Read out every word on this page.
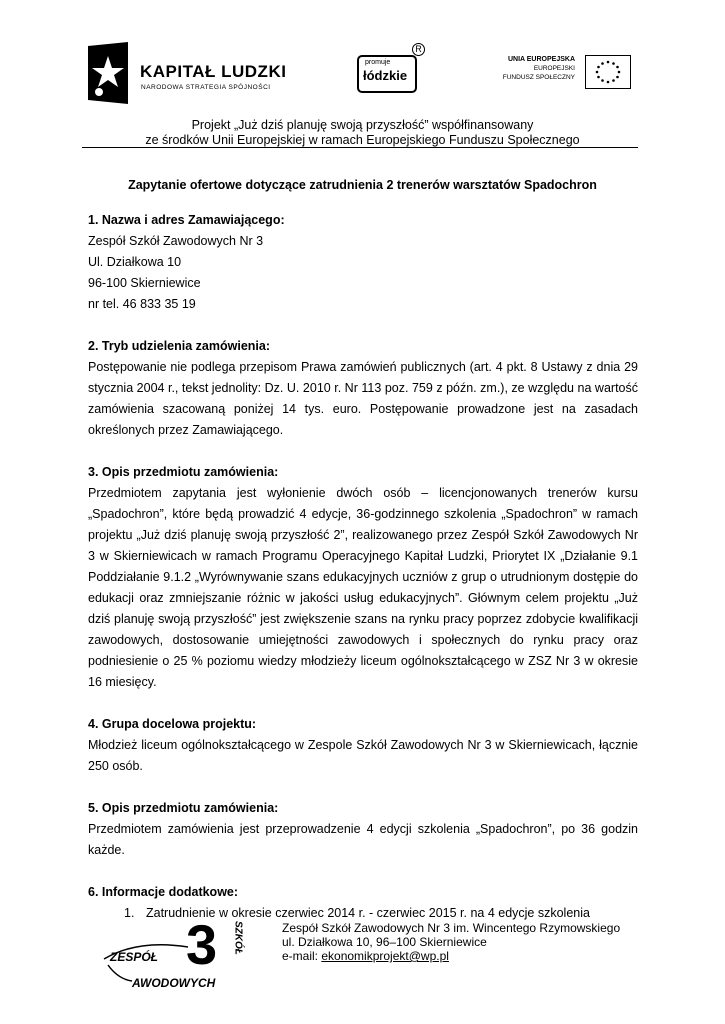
KAPITAŁ LUDZKI
NARODOWA STRATEGIA SPÓJNOŚCI
promuje
łódzkie
R
UNIA EUROPEJSKA
EUROPEJSKI
FUNDUSZ SPOŁECZNY
Projekt „Już dziś planuję swoją przyszłość” współfinansowany
ze środków Unii Europejskiej w ramach Europejskiego Funduszu Społecznego
Zapytanie ofertowe dotyczące zatrudnienia 2 trenerów warsztatów Spadochron
1. Nazwa i adres Zamawiającego:
Zespół Szkół Zawodowych Nr 3
Ul. Działkowa 10
96-100 Skierniewice
nr tel. 46 833 35 19
2. Tryb udzielenia zamówienia:

Postępowanie nie podlega przepisom Prawa zamówień publicznych (art. 4 pkt. 8 Ustawy z dnia 29 stycznia 2004 r., tekst jednolity: Dz. U. 2010 r. Nr 113 poz. 759 z późn. zm.), ze względu na wartość zamówienia szacowaną poniżej 14 tys. euro. Postępowanie prowadzone jest na zasadach określonych przez Zamawiającego.

3. Opis przedmiotu zamówienia:

Przedmiotem zapytania jest wyłonienie dwóch osób – licencjonowanych trenerów kursu „Spadochron”, które będą prowadzić 4 edycje, 36-godzinnego szkolenia „Spadochron” w ramach projektu „Już dziś planuję swoją przyszłość 2”, realizowanego przez Zespół Szkół Zawodowych Nr 3 w Skierniewicach w ramach Programu Operacyjnego Kapitał Ludzki, Priorytet IX „Działanie 9.1 Poddziałanie 9.1.2 „Wyrównywanie szans edukacyjnych uczniów z grup o utrudnionym dostępie do edukacji oraz zmniejszanie różnic w jakości usług edukacyjnych”. Głównym celem projektu „Już dziś planuję swoją przyszłość” jest zwiększenie szans na rynku pracy poprzez zdobycie kwalifikacji zawodowych, dostosowanie umiejętności zawodowych i społecznych do rynku pracy oraz podniesienie o 25 % poziomu wiedzy młodzieży liceum ogólnokształcącego w ZSZ Nr 3 w okresie 16 miesięcy.

4. Grupa docelowa projektu:

Młodzież liceum ogólnokształcącego w Zespole Szkół Zawodowych Nr 3 w Skierniewicach, łącznie 250 osób.

5. Opis przedmiotu zamówienia:

Przedmiotem zamówienia jest przeprowadzenie 4 edycji szkolenia „Spadochron”, po 36 godzin każde.

6. Informacje dodatkowe:
1. Zatrudnienie w okresie czerwiec 2014 r. - czerwiec 2015 r. na 4 edycje szkolenia
ZESPÓŁ 3
AWODOWYCH
SZKÓŁ	Zespół Szkół Zawodowych Nr 3 im. Wincentego Rzymowskiego
ul. Działkowa 10, 96–100 Skierniewice
e-mail: ekonomikprojekt@wp.pl
